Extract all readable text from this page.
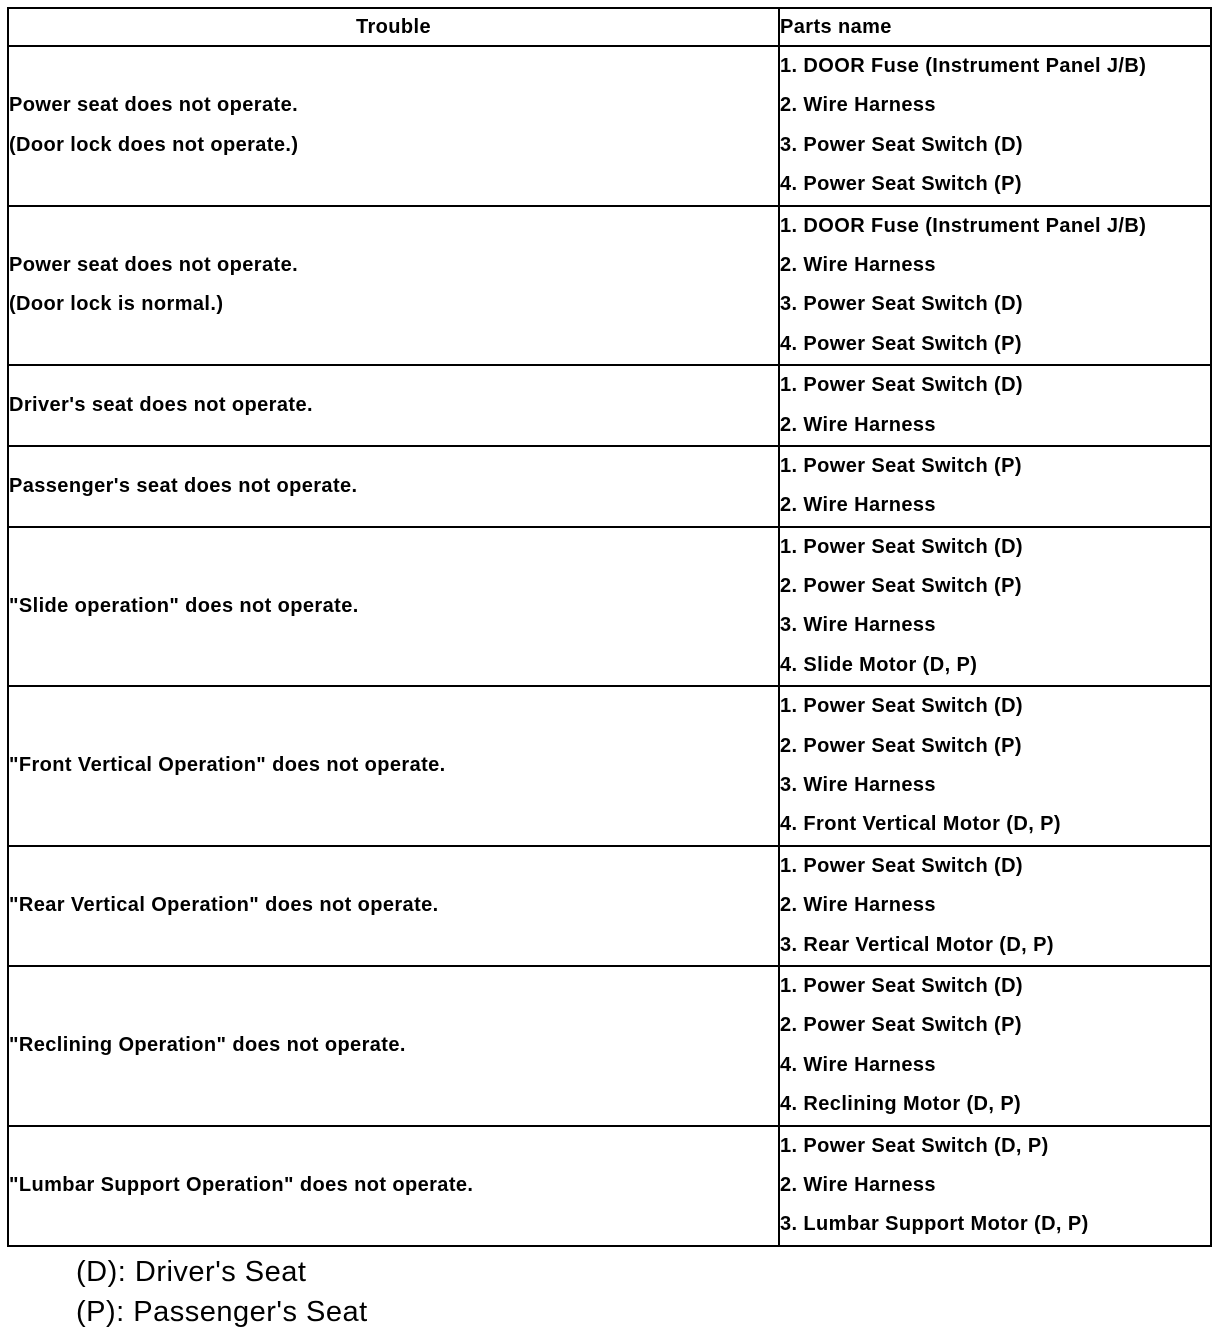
Trouble	Parts name

Power seat does not operate.
(Door lock does not operate.)	1. DOOR Fuse (Instrument Panel J/B)
2. Wire Harness
3. Power Seat Switch (D)
4. Power Seat Switch (P)

Power seat does not operate.
(Door lock is normal.)	1. DOOR Fuse (Instrument Panel J/B)
2. Wire Harness
3. Power Seat Switch (D)
4. Power Seat Switch (P)

Driver's seat does not operate.	1. Power Seat Switch (D)
2. Wire Harness

Passenger's seat does not operate.	1. Power Seat Switch (P)
2. Wire Harness

"Slide operation" does not operate.	1. Power Seat Switch (D)
2. Power Seat Switch (P)
3. Wire Harness
4. Slide Motor (D, P)

"Front Vertical Operation" does not operate.	1. Power Seat Switch (D)
2. Power Seat Switch (P)
3. Wire Harness
4. Front Vertical Motor (D, P)

"Rear Vertical Operation" does not operate.	1. Power Seat Switch (D)
2. Wire Harness
3. Rear Vertical Motor (D, P)

"Reclining Operation" does not operate.	1. Power Seat Switch (D)
2. Power Seat Switch (P)
4. Wire Harness
4. Reclining Motor (D, P)

"Lumbar Support Operation" does not operate.	1. Power Seat Switch (D, P)
2. Wire Harness
3. Lumbar Support Motor (D, P)
(D): Driver's Seat
(P): Passenger's Seat
